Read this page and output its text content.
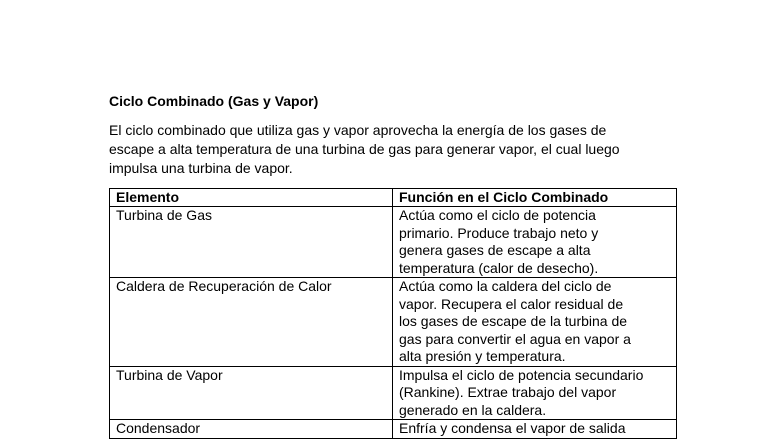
Ciclo Combinado (Gas y Vapor)
El ciclo combinado que utiliza gas y vapor aprovecha la energía de los gases de
escape a alta temperatura de una turbina de gas para generar vapor, el cual luego
impulsa una turbina de vapor.
Elemento	Función en el Ciclo Combinado
Turbina de Gas	Actúa como el ciclo de potencia
primario. Produce trabajo neto y
genera gases de escape a alta
temperatura (calor de desecho).

Caldera de Recuperación de Calor	Actúa como la caldera del ciclo de
vapor. Recupera el calor residual de
los gases de escape de la turbina de
gas para convertir el agua en vapor a
alta presión y temperatura.

Turbina de Vapor	Impulsa el ciclo de potencia secundario
(Rankine). Extrae trabajo del vapor
generado en la caldera.

Condensador	Enfría y condensa el vapor de salida
